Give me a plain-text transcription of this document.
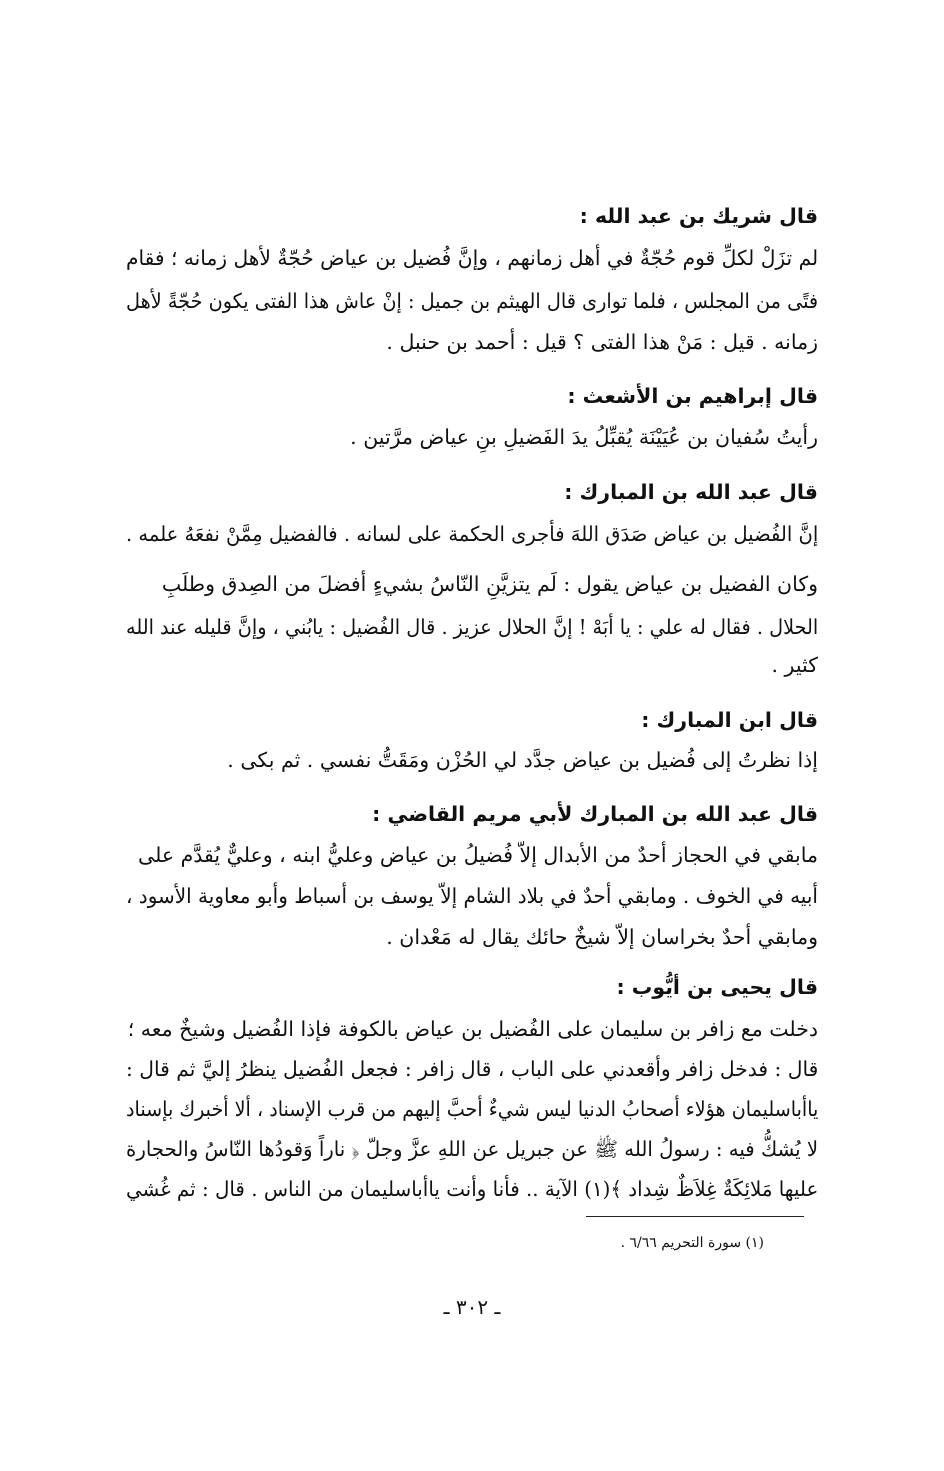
قال شريك بن عبد الله :
لم تزَلْ لكلِّ قوم حُجّةٌ في أهل زمانهم ، وإنَّ فُضيل بن عياض حُجّةٌ لأهل زمانه ؛ فقام
فتًى من المجلس ، فلما توارى قال الهيثم بن جميل : إنْ عاش هذا الفتى يكون حُجّةً لأهل
زمانه . قيل : مَنْ هذا الفتى ؟ قيل : أحمد بن حنبل .
قال إبراهيم بن الأشعث :
رأيتُ سُفيان بن عُيَيْنَة يُقبِّلُ يدَ الفَضيلِ بنِ عياض مرَّتين .
قال عبد الله بن المبارك :
إنَّ الفُضيل بن عياض صَدَق اللهَ فأجرى الحكمة على لسانه . فالفضيل مِمَّنْ نفعَهُ علمه .
وكان الفضيل بن عياض يقول : لَم يتزيَّنِ النّاسُ بشيءٍ أفضلَ من الصِدق وطلَبِ
الحلال . فقال له علي : يا أبَهْ ! إنَّ الحلال عزيز . قال الفُضيل : يابُني ، وإنَّ قليله عند الله
كثير .
قال ابن المبارك :
إذا نظرتُ إلى فُضيل بن عياض جدَّد لي الحُزْن ومَقَتُّ نفسي . ثم بكى .
قال عبد الله بن المبارك لأبي مريم القاضي :
مابقي في الحجاز أحدٌ من الأبدال إلاّ فُضيلُ بن عياض وعليُّ ابنه ، وعليٌّ يُقدَّم على
أبيه في الخوف . ومابقي أحدٌ في بلاد الشام إلاّ يوسف بن أسباط وأبو معاوية الأسود ،
ومابقي أحدٌ بخراسان إلاّ شيخٌ حائك يقال له مَعْدان .
قال يحيى بن أيُّوب :
دخلت مع زافر بن سليمان على الفُضيل بن عياض بالكوفة فإذا الفُضيل وشيخٌ معه ؛
قال : فدخل زافر وأقعدني على الباب ، قال زافر : فجعل الفُضيل ينظرُ إليَّ ثم قال :
ياأباسليمان هؤلاء أصحابُ الدنيا ليس شيءٌ أحبَّ إليهم من قرب الإسناد ، ألا أخبرك بإسناد
لا يُشكُّ فيه : رسولُ الله ﷺ عن جبريل عن اللهِ عزَّ وجلّ ﴿ ناراً وَقودُها النّاسُ والحجارة
عليها مَلائِكَةٌ غِلاَظٌ شِداد ﴾(١) الآية .. فأنا وأنت ياأباسليمان من الناس . قال : ثم غُشي
(١) سورة التحريم ٦/٦٦ .
ـ ٣٠٢ ـ
